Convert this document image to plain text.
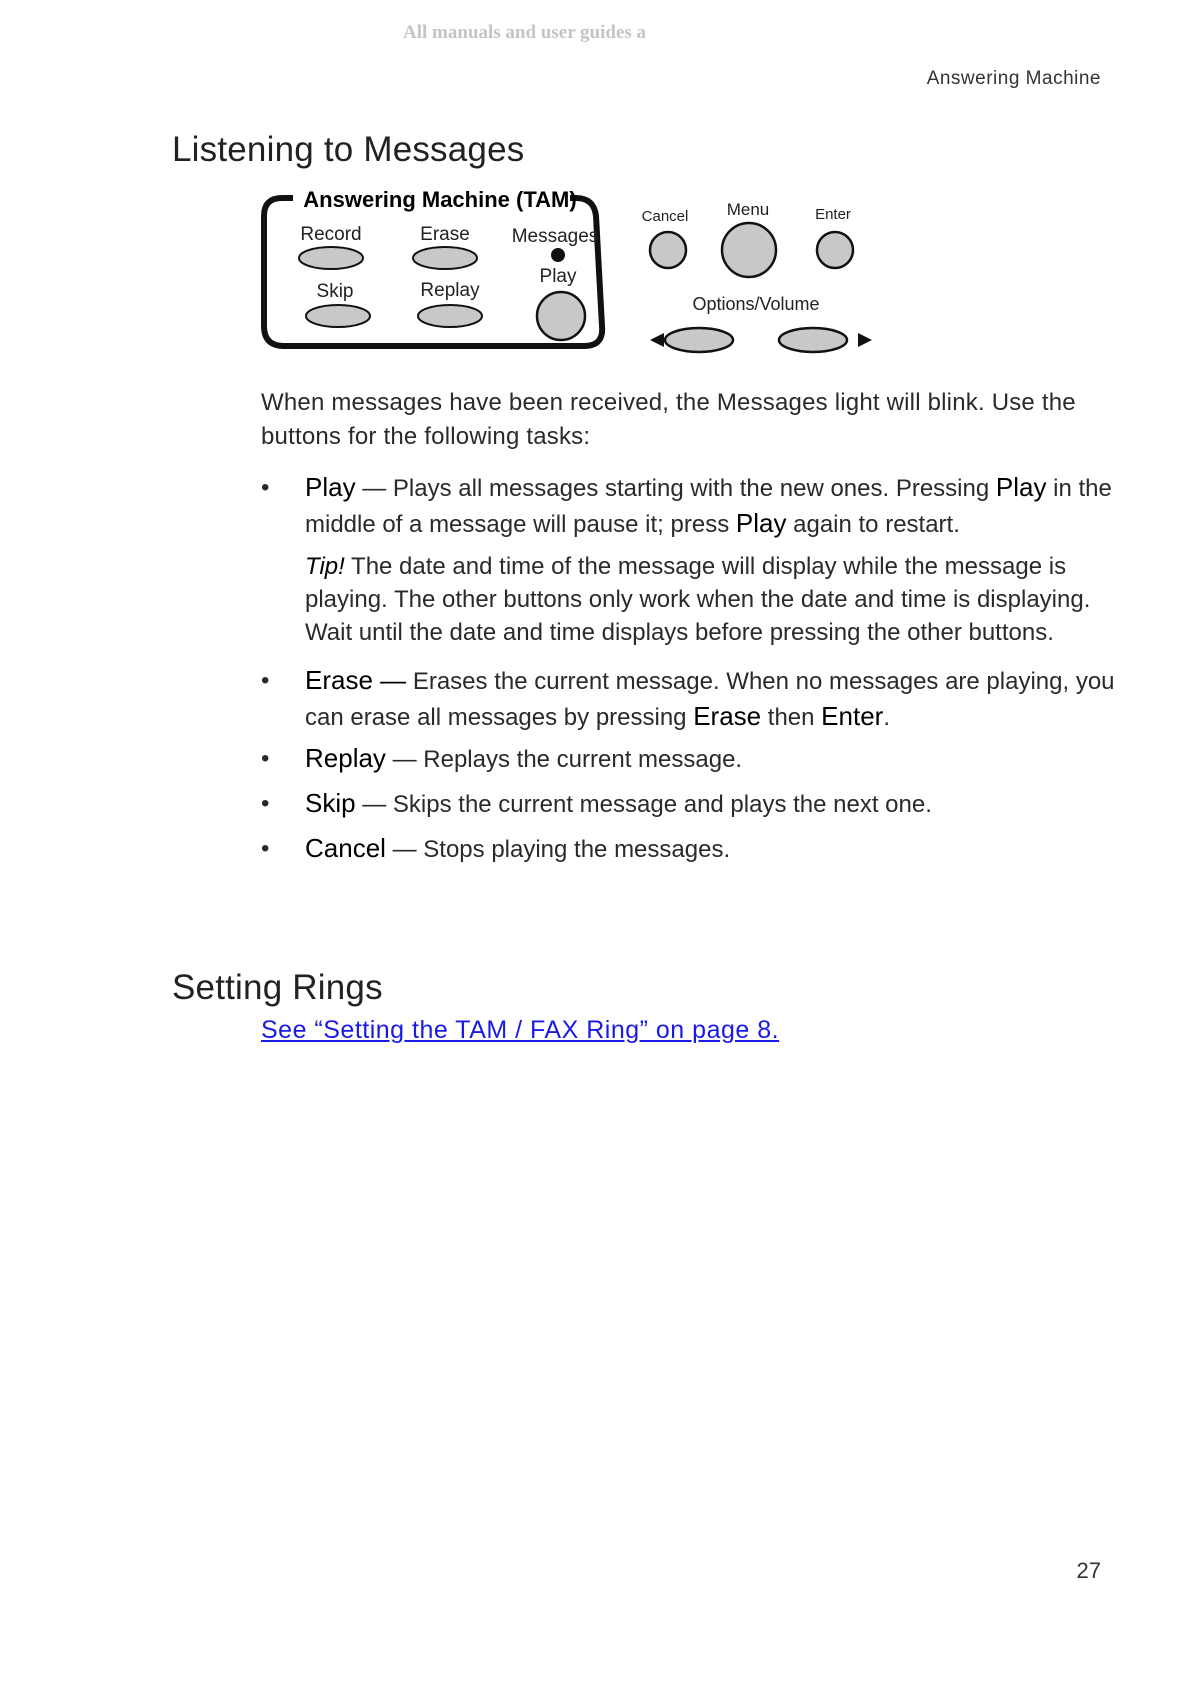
All manuals and user guides a
Answering Machine
Listening to Messages
Answering Machine (TAM)
Record	Erase Messages
Play
Skip	Replay
Cancel Menu	Enter
Options/Volume
When messages have been received, the Messages light will blink. Use the buttons for the following tasks:
• Play — Plays all messages starting with the new ones. Pressing Play in the middle of a message will pause it; press Play again to restart.
Tip! The date and time of the message will display while the message is playing. The other buttons only work when the date and time is displaying. Wait until the date and time displays before pressing the other buttons.
• Erase — Erases the current message. When no messages are playing, you can erase all messages by pressing Erase then Enter.
• Replay — Replays the current message.
• Skip — Skips the current message and plays the next one.
• Cancel — Stops playing the messages.
Setting Rings
See “Setting the TAM / FAX Ring” on page 8.
27
